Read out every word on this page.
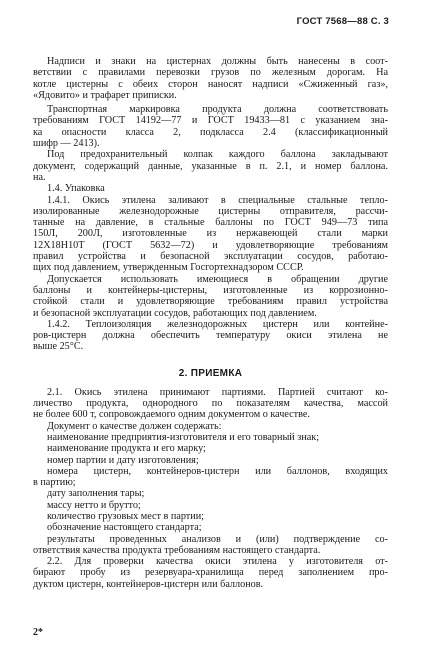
ГОСТ 7568—88 С. 3
Надписи и знаки на цистернах должны быть нанесены в соот-
ветствии с правилами перевозки грузов по железным дорогам. На
котле цистерны с обеих сторон наносят надписи «Сжиженный газ»,
«Ядовито» и трафарет приписки.
Транспортная маркировка продукта должна соответствовать
требованиям ГОСТ 14192—77 и ГОСТ 19433—81 с указанием зна-
ка опасности класса 2, подкласса 2.4 (классификационный
шифр — 2413).
Под предохранительный колпак каждого баллона закладывают
документ, содержащий данные, указанные в п. 2.1, и номер баллона.
на.
1.4. Упаковка
1.4.1. Окись этилена заливают в специальные стальные тепло-
изолированные железнодорожные цистерны отправителя, рассчи-
танные на давление, в стальные баллоны по ГОСТ 949—73 типа
150Л, 200Л, изготовленные из нержавеющей стали марки
12Х18Н10Т (ГОСТ 5632—72) и удовлетворяющие требованиям
правил устройства и безопасной эксплуатации сосудов, работаю-
щих под давлением, утвержденным Госгортехнадзором СССР.
Допускается использовать имеющиеся в обращении другие
баллоны и контейнеры-цистерны, изготовленные из коррозионно-
стойкой стали и удовлетворяющие требованиям правил устройства
и безопасной эксплуатации сосудов, работающих под давлением.
1.4.2. Теплоизоляция железнодорожных цистерн или контейне-
ров-цистерн должна обеспечить температуру окиси этилена не
выше 25°С.
2. ПРИЕМКА
2.1. Окись этилена принимают партиями. Партией считают ко-
личество продукта, однородного по показателям качества, массой
не более 600 т, сопровождаемого одним документом о качестве.
Документ о качестве должен содержать:
наименование предприятия-изготовителя и его товарный знак;
наименование продукта и его марку;
номер партии и дату изготовления;
номера цистерн, контейнеров-цистерн или баллонов, входящих
в партию;
дату заполнения тары;
массу нетто и брутто;
количество грузовых мест в партии;
обозначение настоящего стандарта;
результаты проведенных анализов и (или) подтверждение со-
ответствия качества продукта требованиям настоящего стандарта.
2.2. Для проверки качества окиси этилена у изготовителя от-
бирают пробу из резервуара-хранилища перед заполнением про-
дуктом цистерн, контейнеров-цистерн или баллонов.
2*
